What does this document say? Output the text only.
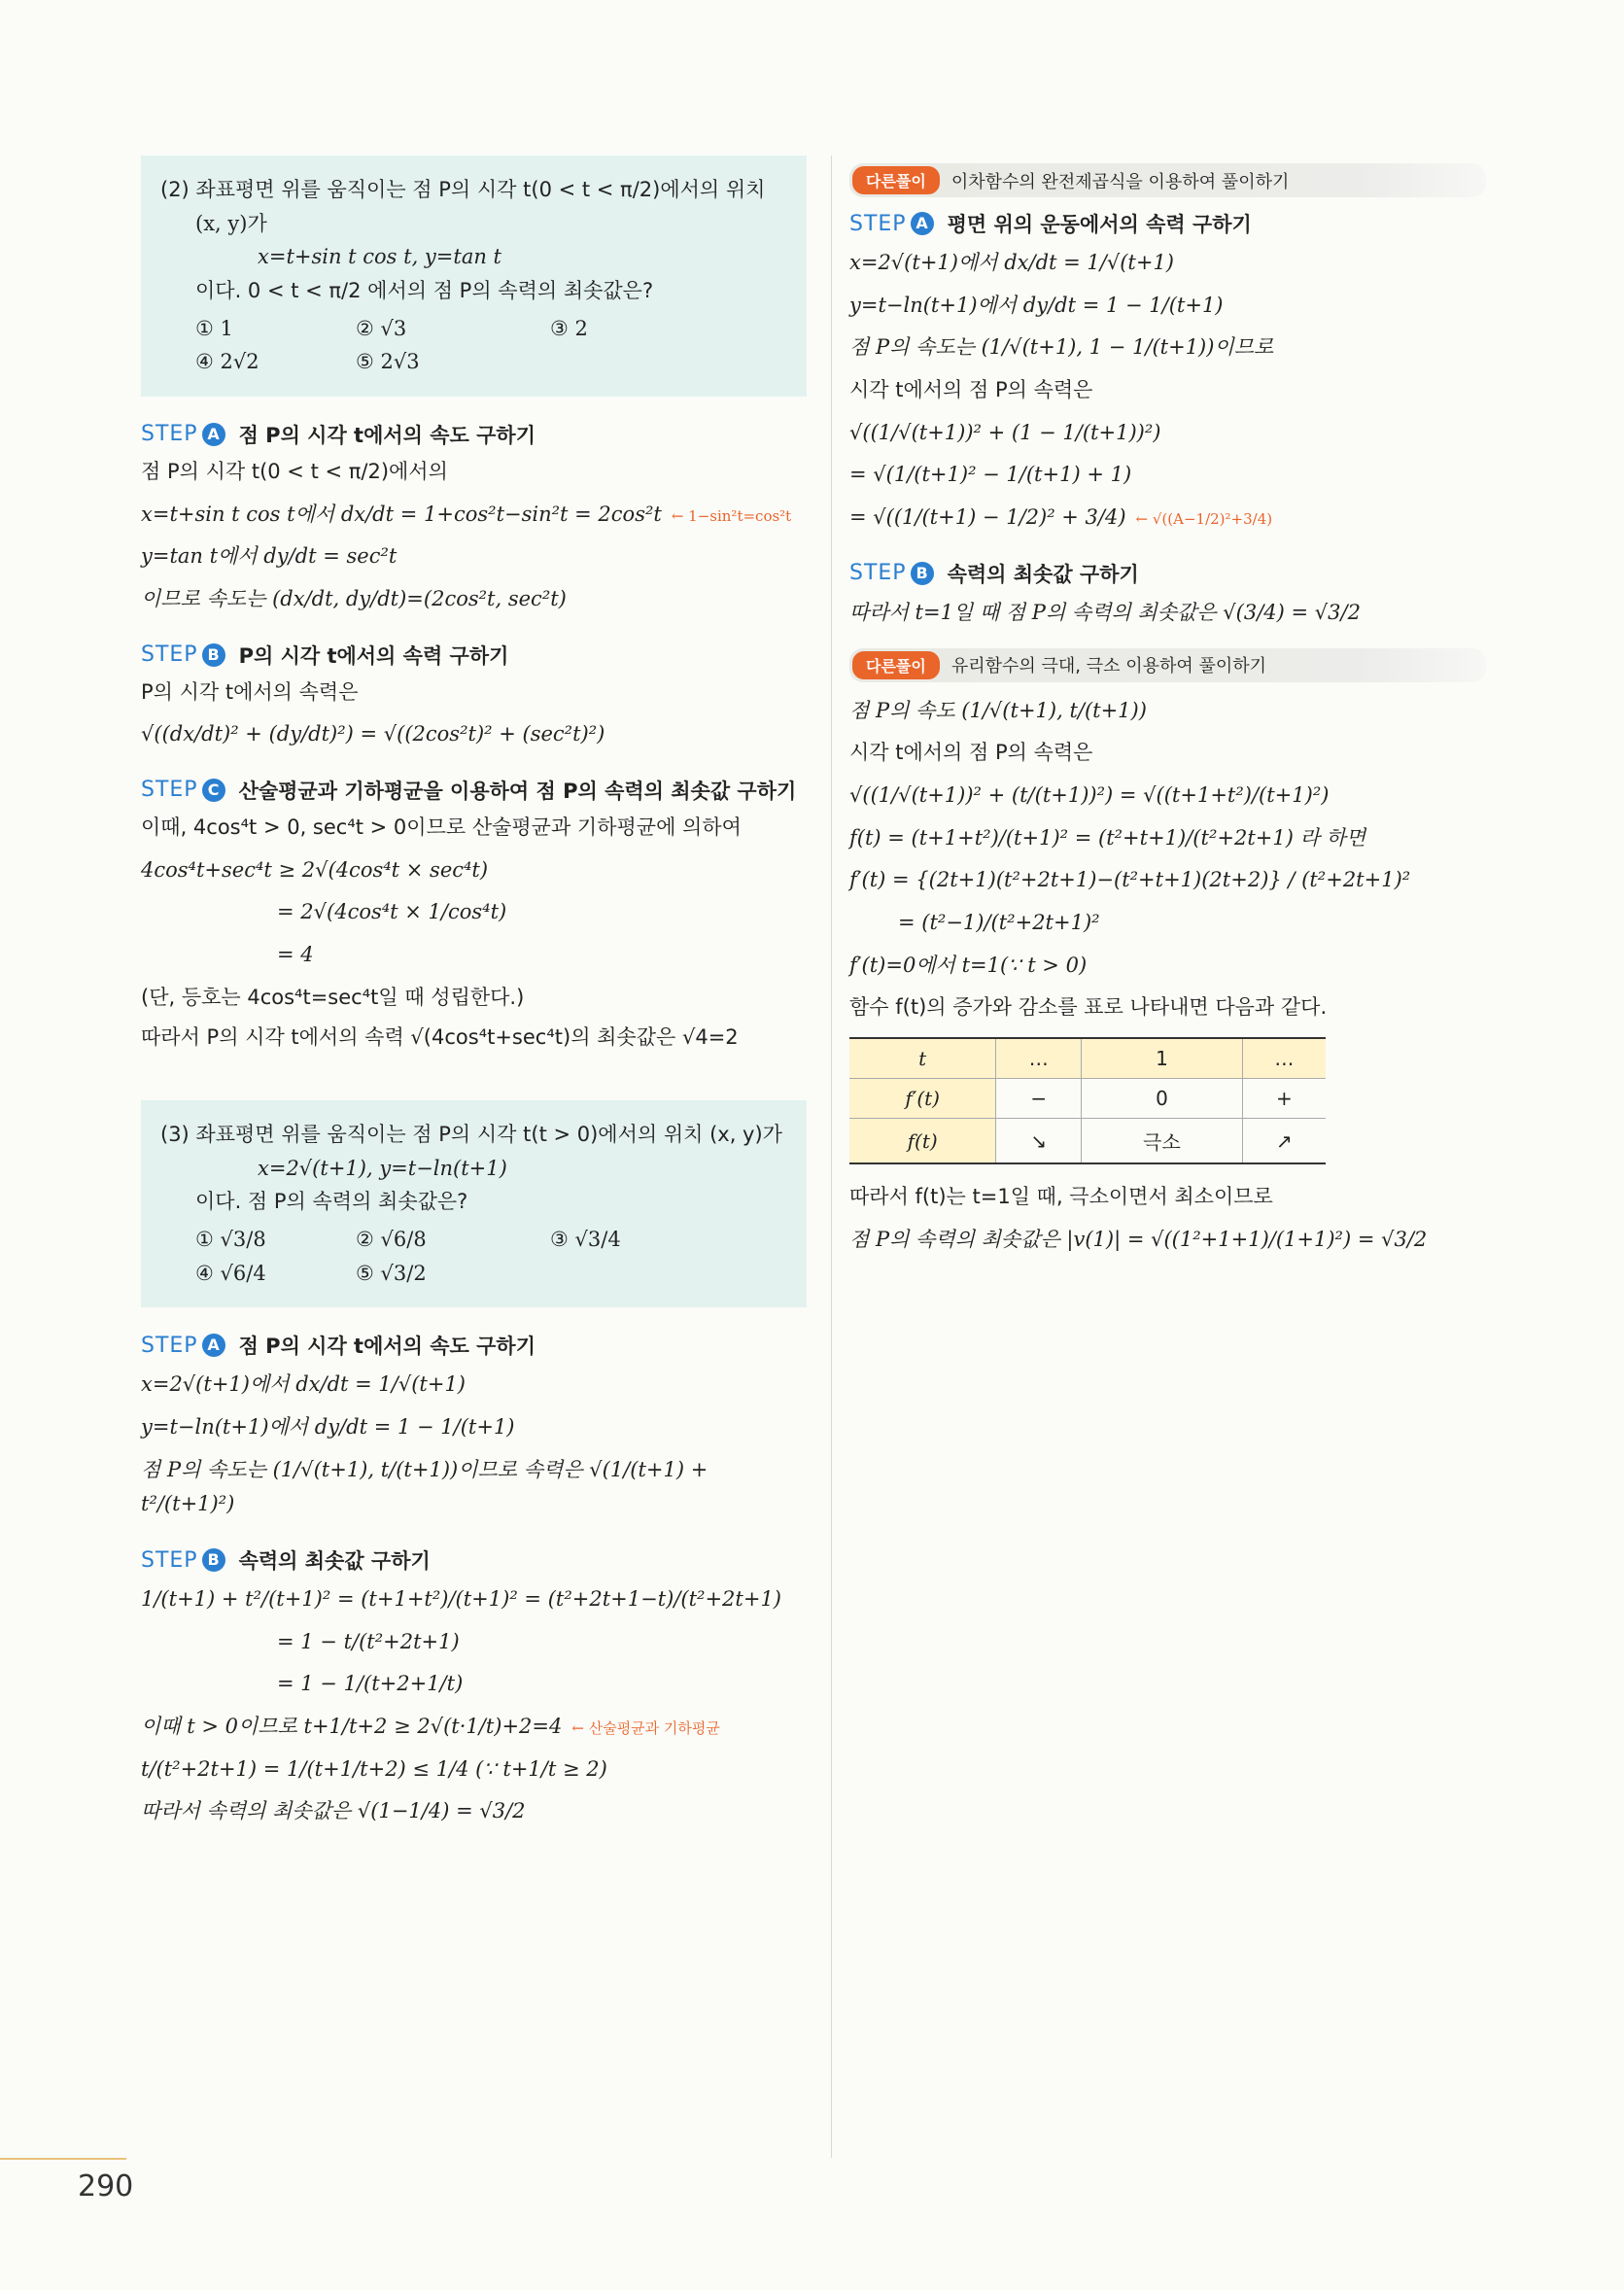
(2) 좌표평면 위를 움직이는 점 P의 시각 t(0 < t < π/2)에서의 위치
(x, y)가
x=t+sin t cos t, y=tan t
이다. 0 < t < π/2 에서의 점 P의 속력의 최솟값은?
① 1	② √3	③ 2
④ 2√2	⑤ 2√3
STEP A 점 P의 시각 t에서의 속도 구하기
점 P의 시각 t(0 < t < π/2)에서의
x=t+sin t cos t에서 dx/dt = 1+cos²t−sin²t = 2cos²t ← 1−sin²t=cos²t
y=tan t에서 dy/dt = sec²t
이므로 속도는 (dx/dt, dy/dt)=(2cos²t, sec²t)
STEP B P의 시각 t에서의 속력 구하기
P의 시각 t에서의 속력은
√((dx/dt)² + (dy/dt)²) = √((2cos²t)² + (sec²t)²)
STEP C 산술평균과 기하평균을 이용하여 점 P의 속력의 최솟값 구하기
이때, 4cos⁴t > 0, sec⁴t > 0이므로 산술평균과 기하평균에 의하여
4cos⁴t+sec⁴t ≥ 2√(4cos⁴t × sec⁴t)
= 2√(4cos⁴t × 1/cos⁴t)
= 4
(단, 등호는 4cos⁴t=sec⁴t일 때 성립한다.)
따라서 P의 시각 t에서의 속력 √(4cos⁴t+sec⁴t)의 최솟값은 √4=2
(3) 좌표평면 위를 움직이는 점 P의 시각 t(t > 0)에서의 위치 (x, y)가
x=2√(t+1), y=t−ln(t+1)
이다. 점 P의 속력의 최솟값은?
① √3/8	② √6/8	③ √3/4
④ √6/4	⑤ √3/2
STEP A 점 P의 시각 t에서의 속도 구하기
x=2√(t+1)에서 dx/dt = 1/√(t+1)
y=t−ln(t+1)에서 dy/dt = 1 − 1/(t+1)
점 P의 속도는 (1/√(t+1), t/(t+1))이므로 속력은 √(1/(t+1) + t²/(t+1)²)
STEP B 속력의 최솟값 구하기
1/(t+1) + t²/(t+1)² = (t+1+t²)/(t+1)² = (t²+2t+1−t)/(t²+2t+1)
= 1 − t/(t²+2t+1)
= 1 − 1/(t+2+1/t)
이때 t > 0이므로 t+1/t+2 ≥ 2√(t·1/t)+2=4 ← 산술평균과 기하평균
t/(t²+2t+1) = 1/(t+1/t+2) ≤ 1/4 (∵ t+1/t ≥ 2)
따라서 속력의 최솟값은 √(1−1/4) = √3/2
다른풀이	이차함수의 완전제곱식을 이용하여 풀이하기
STEP A 평면 위의 운동에서의 속력 구하기
x=2√(t+1)에서 dx/dt = 1/√(t+1)
y=t−ln(t+1)에서 dy/dt = 1 − 1/(t+1)
점 P의 속도는 (1/√(t+1), 1 − 1/(t+1))이므로
시각 t에서의 점 P의 속력은
√((1/√(t+1))² + (1 − 1/(t+1))²)
= √(1/(t+1)² − 1/(t+1) + 1)
= √((1/(t+1) − 1/2)² + 3/4) ← √((A−1/2)²+3/4)
STEP B 속력의 최솟값 구하기
따라서 t=1일 때 점 P의 속력의 최솟값은 √(3/4) = √3/2
다른풀이	유리함수의 극대, 극소 이용하여 풀이하기
점 P의 속도 (1/√(t+1), t/(t+1))
시각 t에서의 점 P의 속력은
√((1/√(t+1))² + (t/(t+1))²) = √((t+1+t²)/(t+1)²)
f(t) = (t+1+t²)/(t+1)² = (t²+t+1)/(t²+2t+1) 라 하면
f′(t) = {(2t+1)(t²+2t+1)−(t²+t+1)(2t+2)} / (t²+2t+1)²
= (t²−1)/(t²+2t+1)²
f′(t)=0에서 t=1(∵ t > 0)
함수 f(t)의 증가와 감소를 표로 나타내면 다음과 같다.
t	…	1	…
f′(t)	−	0	+
f(t)	↘	극소	↗
따라서 f(t)는 t=1일 때, 극소이면서 최소이므로
점 P의 속력의 최솟값은 |v(1)| = √((1²+1+1)/(1+1)²) = √3/2
290
